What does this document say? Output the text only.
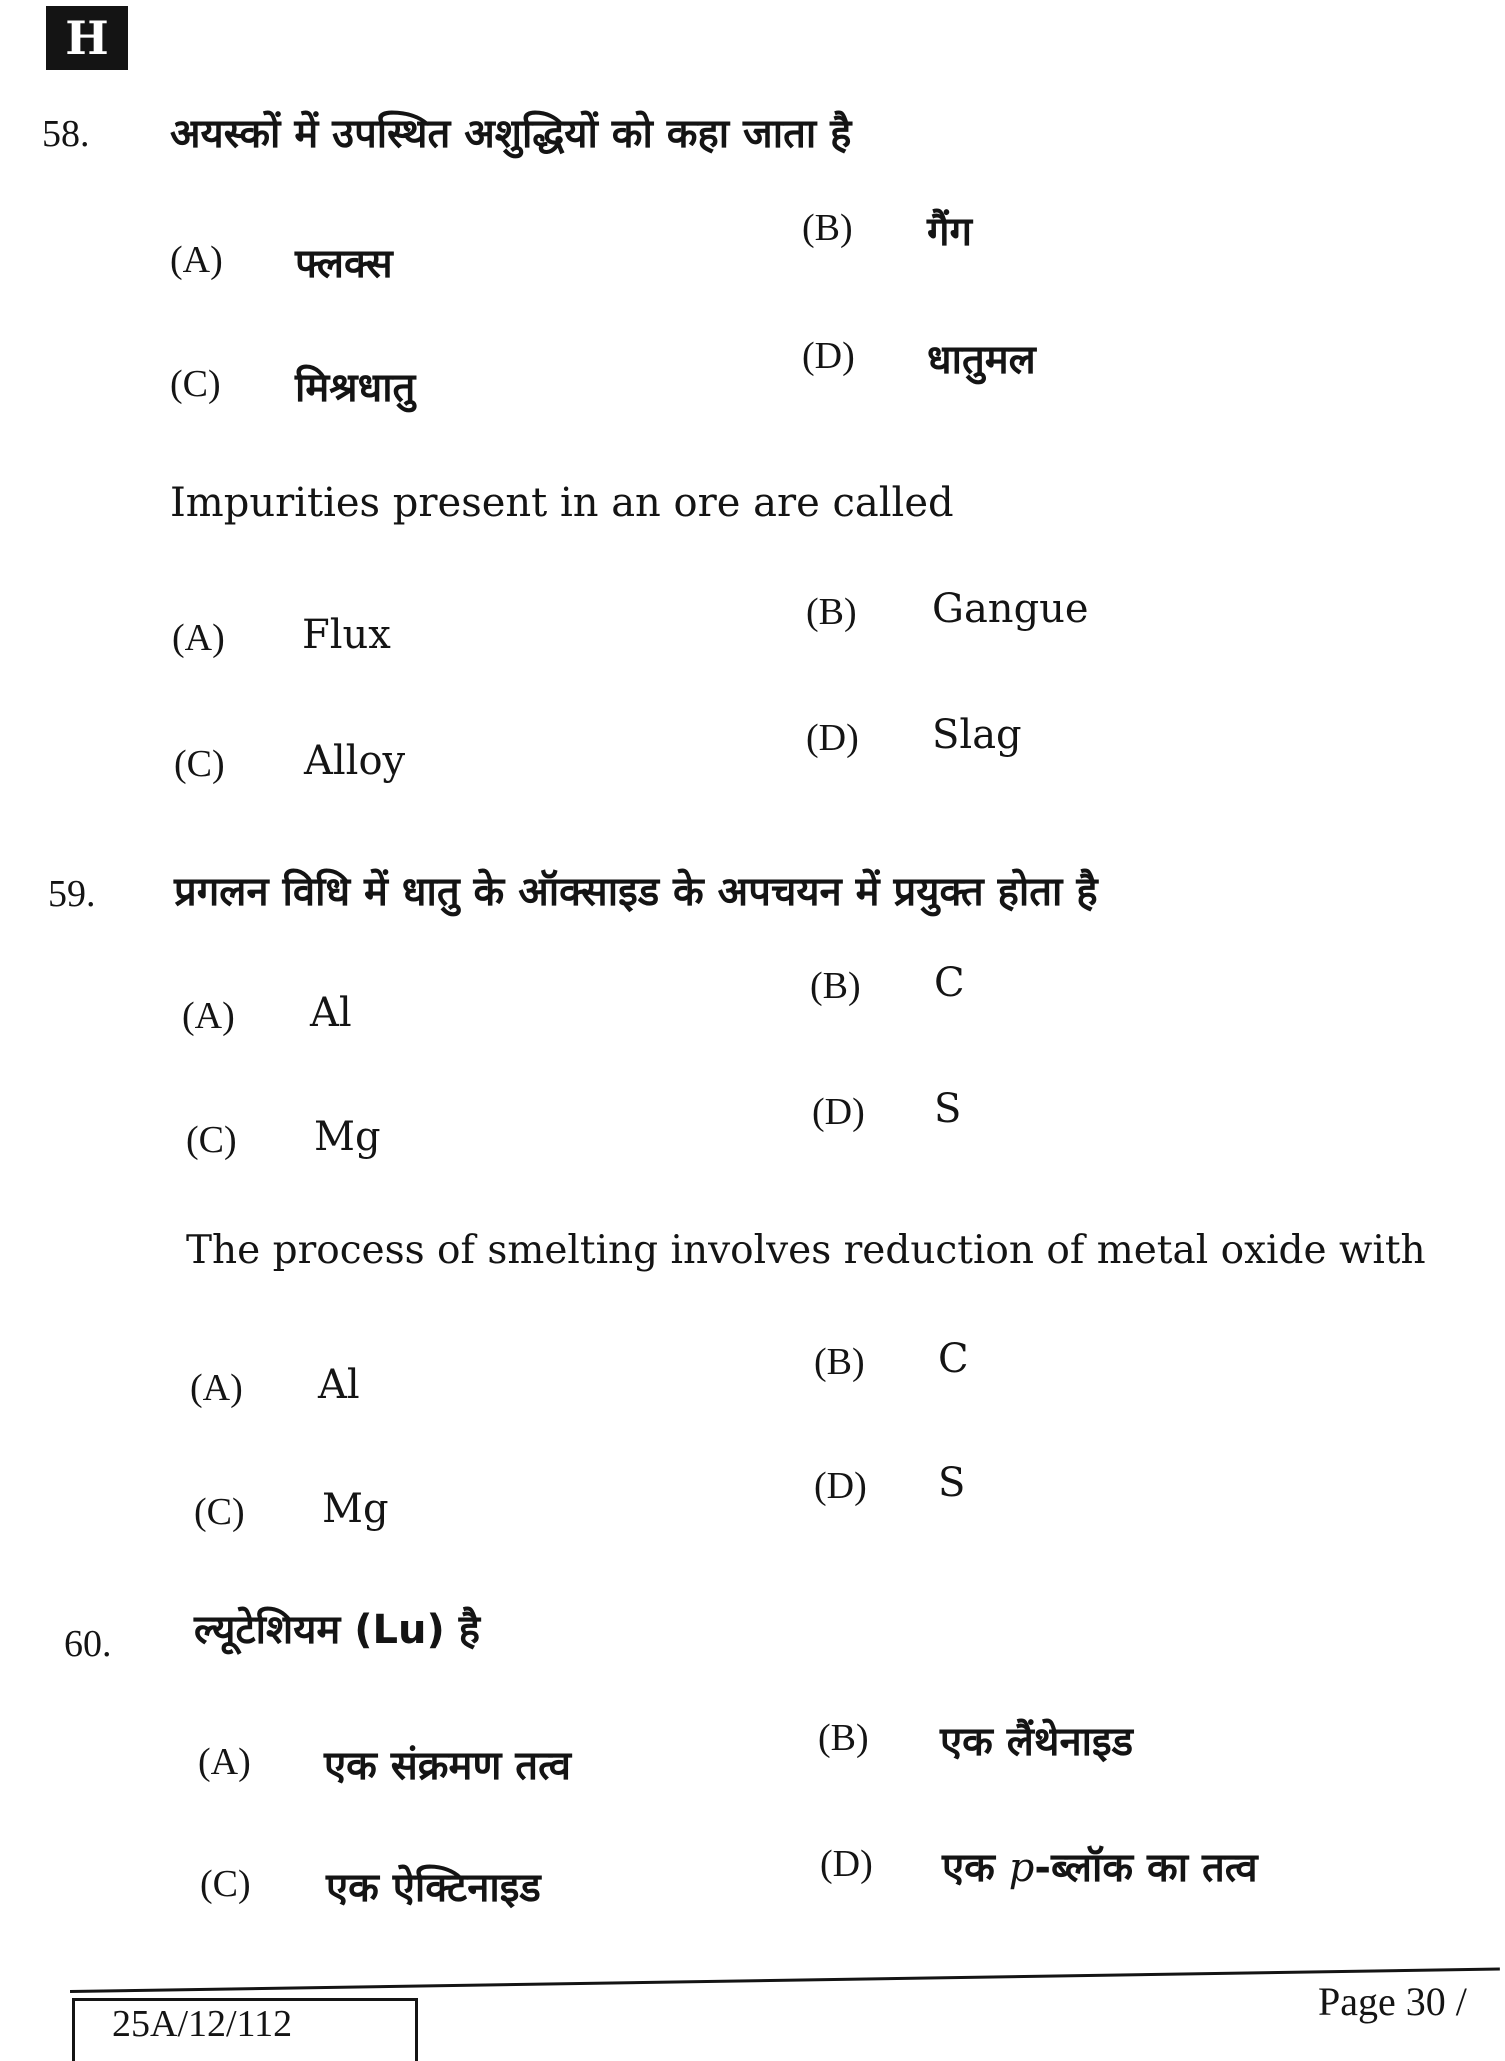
H
58. अयस्कों में उपस्थित अशुद्धियों को कहा जाता है
(A) फ्लक्स
(B) गैंग
(C) मिश्रधातु
(D) धातुमल
Impurities present in an ore are called
(A) Flux	(B) Gangue
(C) Alloy	(D) Slag
59. प्रगलन विधि में धातु के ऑक्साइड के अपचयन में प्रयुक्त होता है
(A) Al
(B) C
(C) Mg
(D) S
The process of smelting involves reduction of metal oxide with
(A) Al	(B) C
(C) Mg	(D) S
60. ल्यूटेशियम (Lu) है
(A) एक संक्रमण तत्व
(B) एक लैंथेनाइड
(C) एक ऐक्टिनाइड
(D) एक p-ब्लॉक का तत्व
25A/12/112	Page 30 /
